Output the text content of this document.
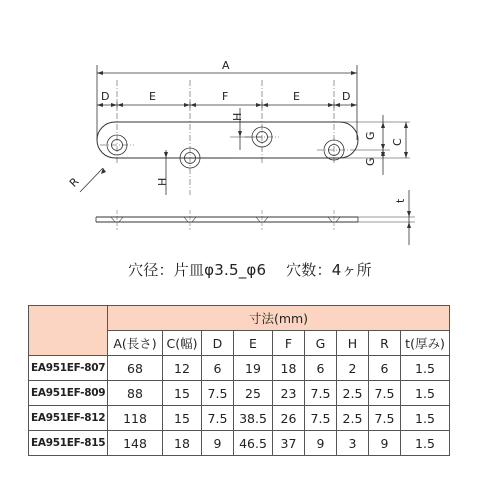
A
D	E	F	E	D
H
H
G
G
C
R
t
穴径：片皿φ3.5_φ6 穴数：4ヶ所
	寸法(mm)								
	A(長さ)	C(幅)	D	E	F	G	H	R	t(厚み)
EA951EF-807	68	12	6	19	18	6	2	6	1.5
EA951EF-809	88	15	7.5	25	23	7.5	2.5	7.5	1.5
EA951EF-812	118	15	7.5	38.5	26	7.5	2.5	7.5	1.5
EA951EF-815	148	18	9	46.5	37	9	3	9	1.5
